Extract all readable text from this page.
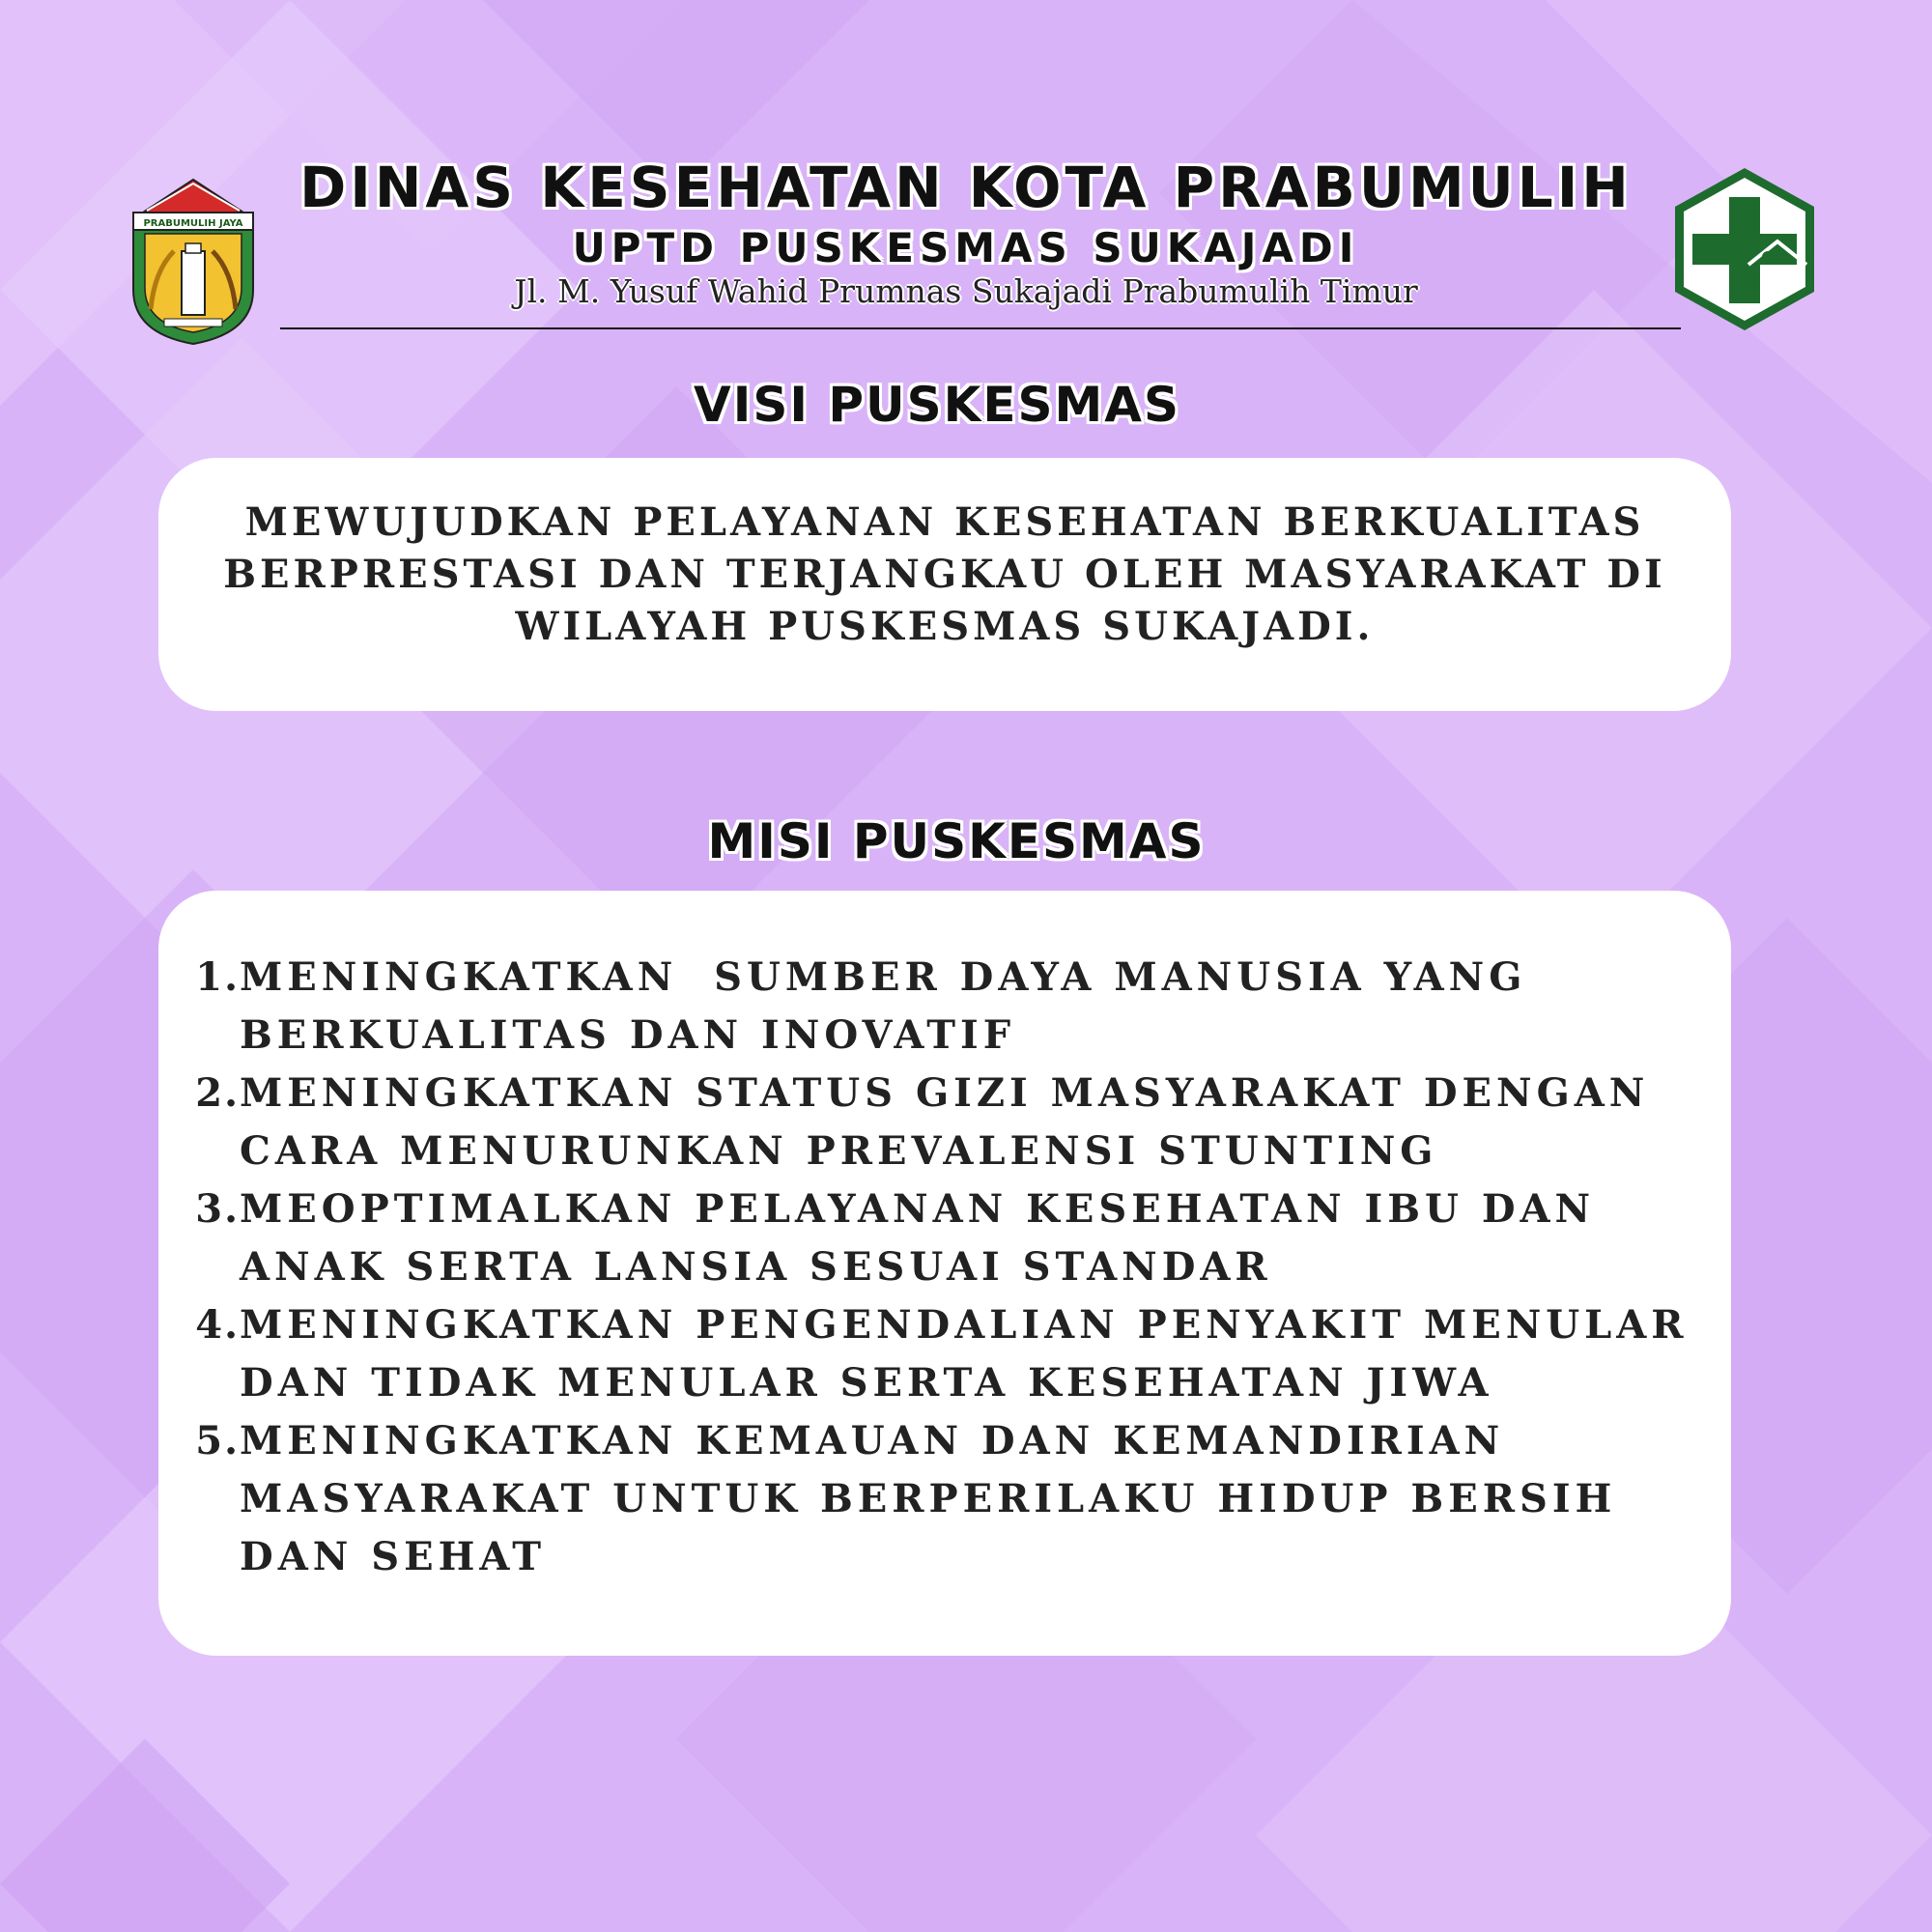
PRABUMULIH JAYA
DINAS KESEHATAN KOTA PRABUMULIH
UPTD PUSKESMAS SUKAJADI
Jl. M. Yusuf Wahid Prumnas Sukajadi Prabumulih Timur
VISI PUSKESMAS
MEWUJUDKAN PELAYANAN KESEHATAN BERKUALITAS BERPRESTASI DAN TERJANGKAU OLEH MASYARAKAT DI WILAYAH PUSKESMAS SUKAJADI.
MISI PUSKESMAS
1. MENINGKATKAN  SUMBER DAYA MANUSIA YANG BERKUALITAS DAN INOVATIF
2. MENINGKATKAN STATUS GIZI MASYARAKAT DENGAN CARA MENURUNKAN PREVALENSI STUNTING
3. MEOPTIMALKAN PELAYANAN KESEHATAN IBU DAN ANAK SERTA LANSIA SESUAI STANDAR
4. MENINGKATKAN PENGENDALIAN PENYAKIT MENULAR DAN TIDAK MENULAR SERTA KESEHATAN JIWA
5. MENINGKATKAN KEMAUAN DAN KEMANDIRIAN MASYARAKAT UNTUK BERPERILAKU HIDUP BERSIH DAN SEHAT
